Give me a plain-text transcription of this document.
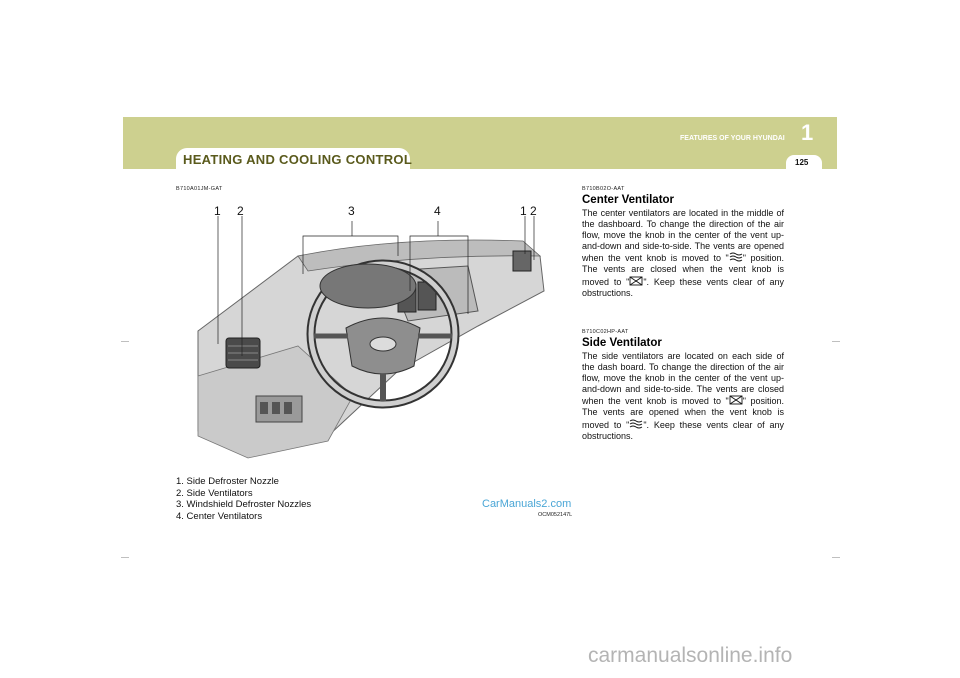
HEATING AND COOLING CONTROL
FEATURES OF YOUR HYUNDAI 1
125
B710A01JM-GAT
1 2	3	4	1 2
1. Side Defroster Nozzle
2. Side Ventilators
3. Windshield Defroster Nozzles
4. Center Ventilators
CarManuals2.com
OCM052147L
B710B02O-AAT
Center Ventilator

The center ventilators are located in the middle of the dashboard. To change the direction of the air flow, move the knob in the center of the vent up-and-down and side-to-side. The vents are opened when the vent knob is moved to " " position. The vents are closed when the vent knob is moved to " ". Keep these vents clear of any obstructions.

B710C02HP-AAT
Side Ventilator

The side ventilators are located on each side of the dash board. To change the direction of the air flow, move the knob in the center of the vent up-and-down and side-to-side. The vents are closed when the vent knob is moved to " " position. The vents are opened when the vent knob is moved to " ". Keep these vents clear of any obstructions.

carmanualsonline.info
